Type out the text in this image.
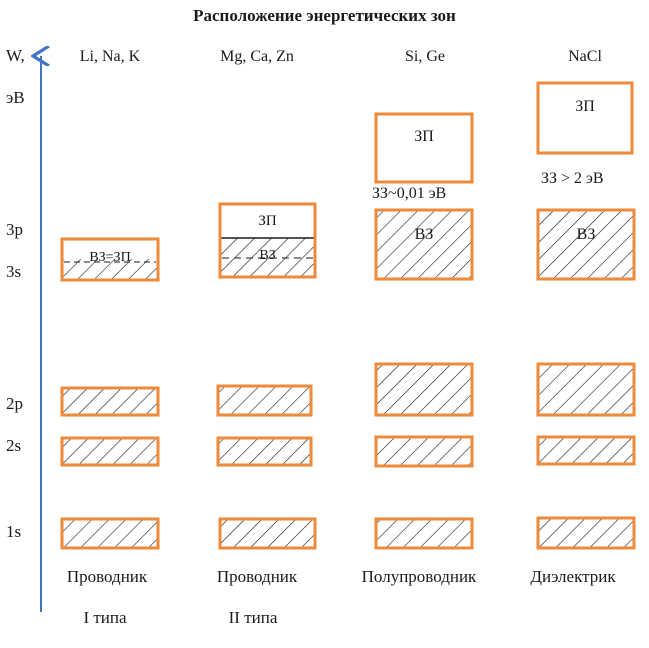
Расположение энергетических зон
W,
эВ
3p
3s
2p
2s
1s
Li, Na, K	Mg, Ca, Zn	Si, Ge	NaCl
ВЗ=ЗП
ЗП
ВЗ
ЗП
ВЗ
ЗП
ВЗ
ЗЗ~0,01 эВ
ЗЗ > 2 эВ
Проводник
I типа
Проводник
II типа
Полупроводник	Диэлектрик
